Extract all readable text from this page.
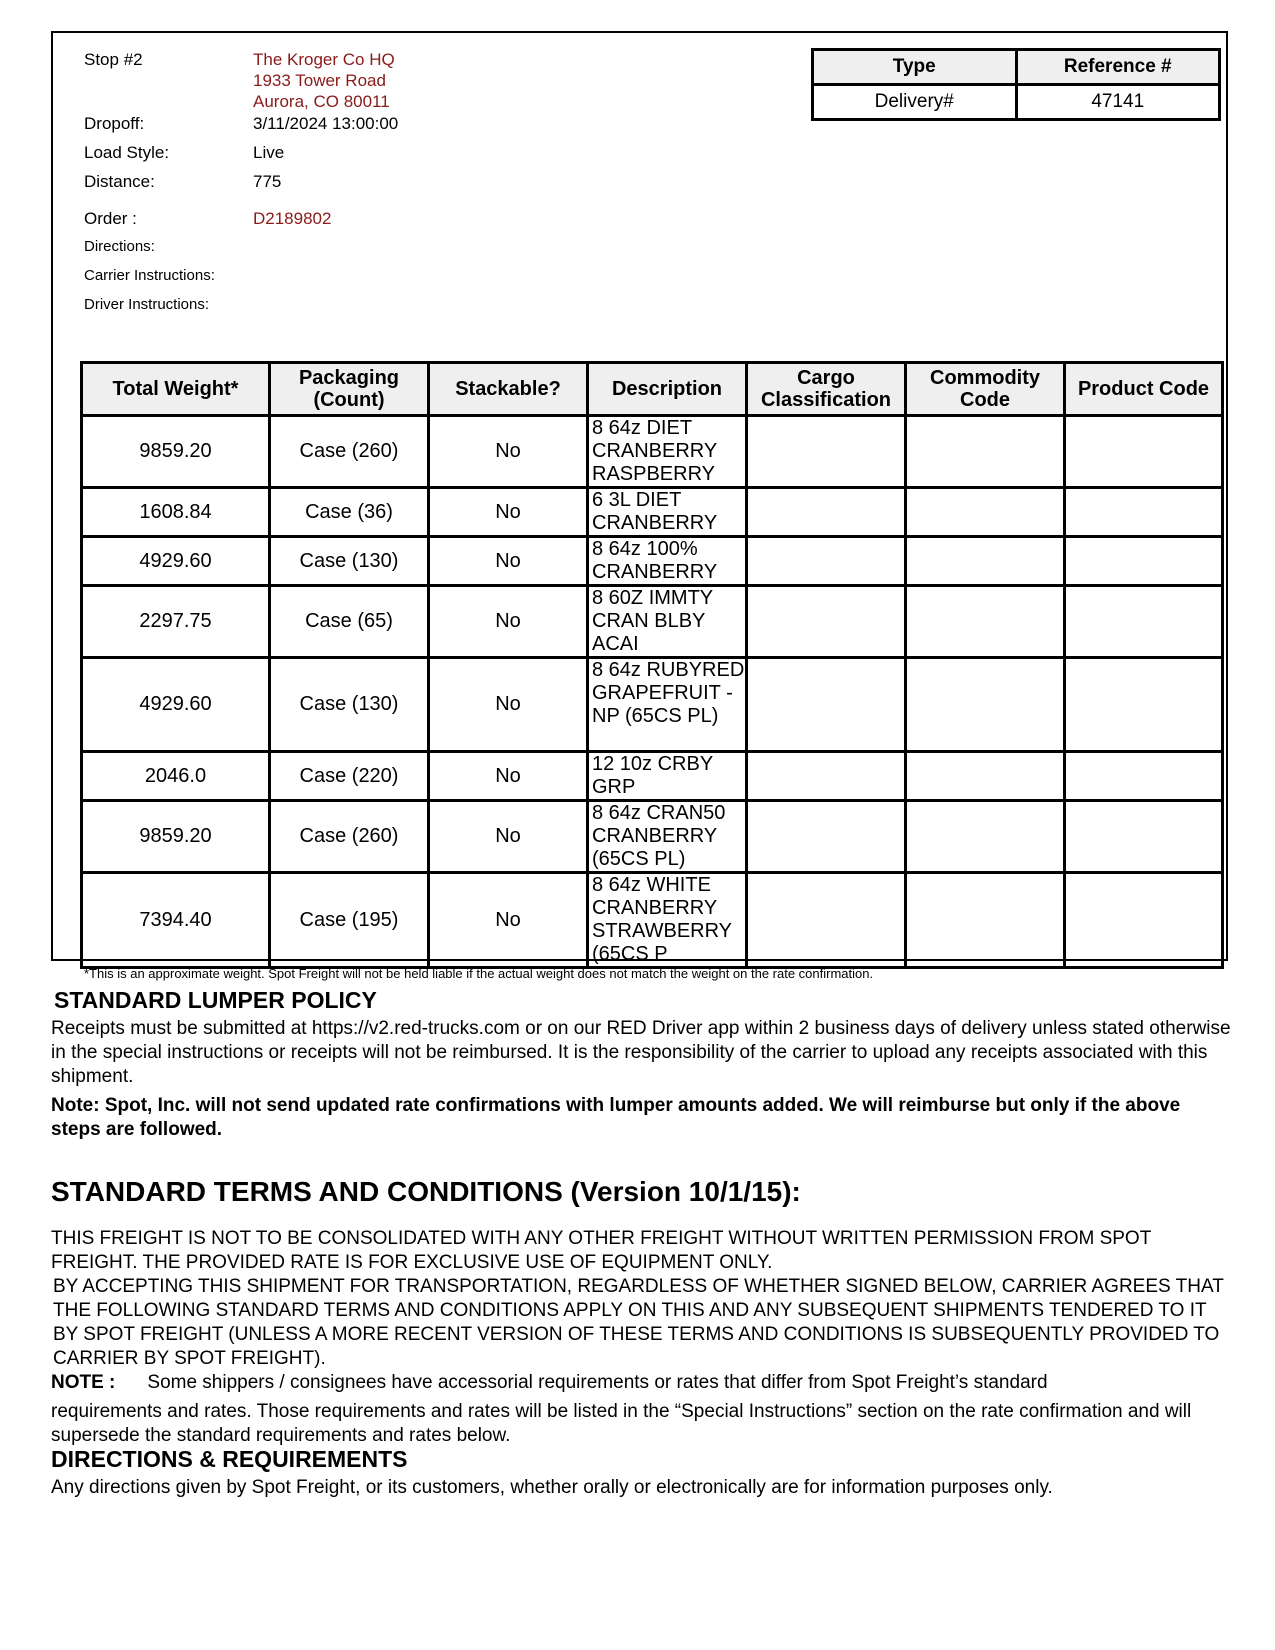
Stop #2	The Kroger Co HQ
1933 Tower Road
Aurora, CO 80011
Dropoff:	3/11/2024 13:00:00
Load Style:	Live
Distance:	775
Order :	D2189802
Directions:
Carrier Instructions:
Driver Instructions:
Type	Reference #
Delivery#	47141
Total Weight*	Packaging (Count)	Stackable?	Description	Cargo Classification	Commodity Code	Product Code
9859.20	Case (260)	No	8 64z DIET CRANBERRY RASPBERRY			
1608.84	Case (36)	No	6 3L DIET CRANBERRY			
4929.60	Case (130)	No	8 64z 100% CRANBERRY			
2297.75	Case (65)	No	8 60Z IMMTY CRAN BLBY ACAI			
4929.60	Case (130)	No	8 64z RUBYRED GRAPEFRUIT - NP (65CS PL)			
2046.0	Case (220)	No	12 10z CRBY GRP			
9859.20	Case (260)	No	8 64z CRAN50 CRANBERRY (65CS PL)			
7394.40	Case (195)	No	8 64z WHITE CRANBERRY STRAWBERRY (65CS P			
*This is an approximate weight. Spot Freight will not be held liable if the actual weight does not match the weight on the rate confirmation.
STANDARD LUMPER POLICY
Receipts must be submitted at https://v2.red-trucks.com or on our RED Driver app within 2 business days of delivery unless stated otherwise in the special instructions or receipts will not be reimbursed. It is the responsibility of the carrier to upload any receipts associated with this shipment.
Note: Spot, Inc. will not send updated rate confirmations with lumper amounts added. We will reimburse but only if the above steps are followed.
STANDARD TERMS AND CONDITIONS (Version 10/1/15):
THIS FREIGHT IS NOT TO BE CONSOLIDATED WITH ANY OTHER FREIGHT WITHOUT WRITTEN PERMISSION FROM SPOT FREIGHT. THE PROVIDED RATE IS FOR EXCLUSIVE USE OF EQUIPMENT ONLY.
BY ACCEPTING THIS SHIPMENT FOR TRANSPORTATION, REGARDLESS OF WHETHER SIGNED BELOW, CARRIER AGREES THAT THE FOLLOWING STANDARD TERMS AND CONDITIONS APPLY ON THIS AND ANY SUBSEQUENT SHIPMENTS TENDERED TO IT BY SPOT FREIGHT (UNLESS A MORE RECENT VERSION OF THESE TERMS AND CONDITIONS IS SUBSEQUENTLY PROVIDED TO CARRIER BY SPOT FREIGHT).
NOTE : Some shippers / consignees have accessorial requirements or rates that differ from Spot Freight’s standard
requirements and rates. Those requirements and rates will be listed in the “Special Instructions” section on the rate confirmation and will supersede the standard requirements and rates below.
DIRECTIONS & REQUIREMENTS
Any directions given by Spot Freight, or its customers, whether orally or electronically are for information purposes only.
